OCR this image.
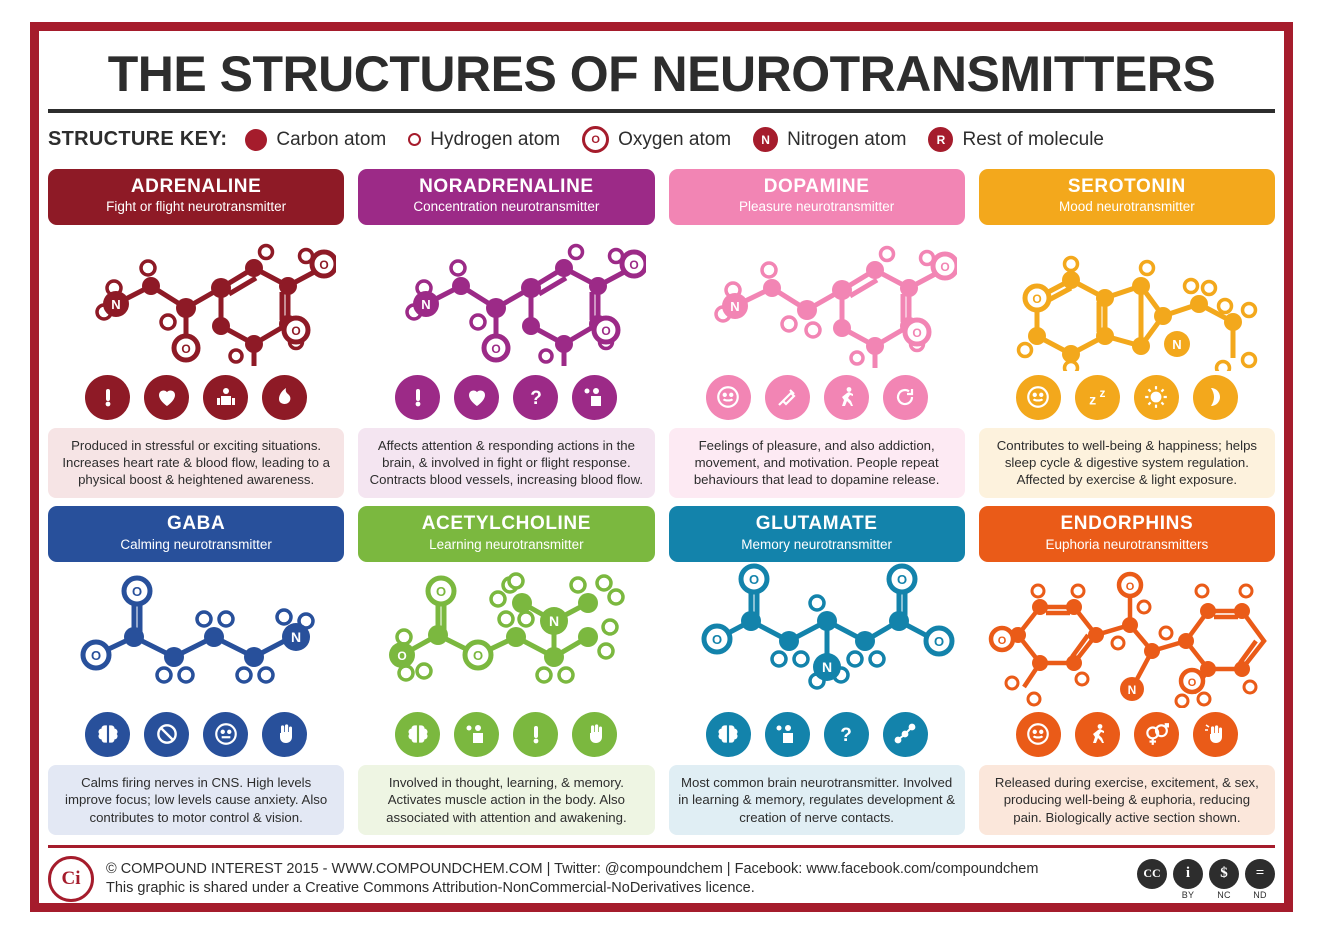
THE STRUCTURES OF NEUROTRANSMITTERS
STRUCTURE KEY:	Carbon atom Hydrogen atom	O Oxygen atom	N Nitrogen atom	R Rest of molecule
ADRENALINE
Fight or flight neurotransmitter
N
O
O
O
Produced in stressful or exciting situations. Increases heart rate & blood flow, leading to a physical boost & heightened awareness.
NORADRENALINE
Concentration neurotransmitter
N
O
O
O
?
Affects attention & responding actions in the brain, & involved in fight or flight response. Contracts blood vessels, increasing blood flow.
DOPAMINE
Pleasure neurotransmitter
N
O
O
Feelings of pleasure, and also addiction, movement, and motivation. People repeat behaviours that lead to dopamine release.
SEROTONIN
Mood neurotransmitter
O
N
z z
Contributes to well-being & happiness; helps sleep cycle & digestive system regulation. Affected by exercise & light exposure.
GABA
Calming neurotransmitter
O
O
N
Calms firing nerves in CNS. High levels improve focus; low levels cause anxiety. Also contributes to motor control & vision.
ACETYLCHOLINE
Learning neurotransmitter
O
O
O
N
Involved in thought, learning, & memory. Activates muscle action in the body. Also associated with attention and awakening.
GLUTAMATE
Memory neurotransmitter
O
O	O
O
N
?
Most common brain neurotransmitter. Involved in learning & memory, regulates development & creation of nerve contacts.
ENDORPHINS
Euphoria neurotransmitters
O
N
O
O
Released during exercise, excitement, & sex, producing well-being & euphoria, reducing pain. Biologically active section shown.
Ci	© COMPOUND INTEREST 2015 - WWW.COMPOUNDCHEM.COM | Twitter: @compoundchem | Facebook: www.facebook.com/compoundchem
This graphic is shared under a Creative Commons Attribution-NonCommercial-NoDerivatives licence.
CC	i
BY
$
NC
=
ND
